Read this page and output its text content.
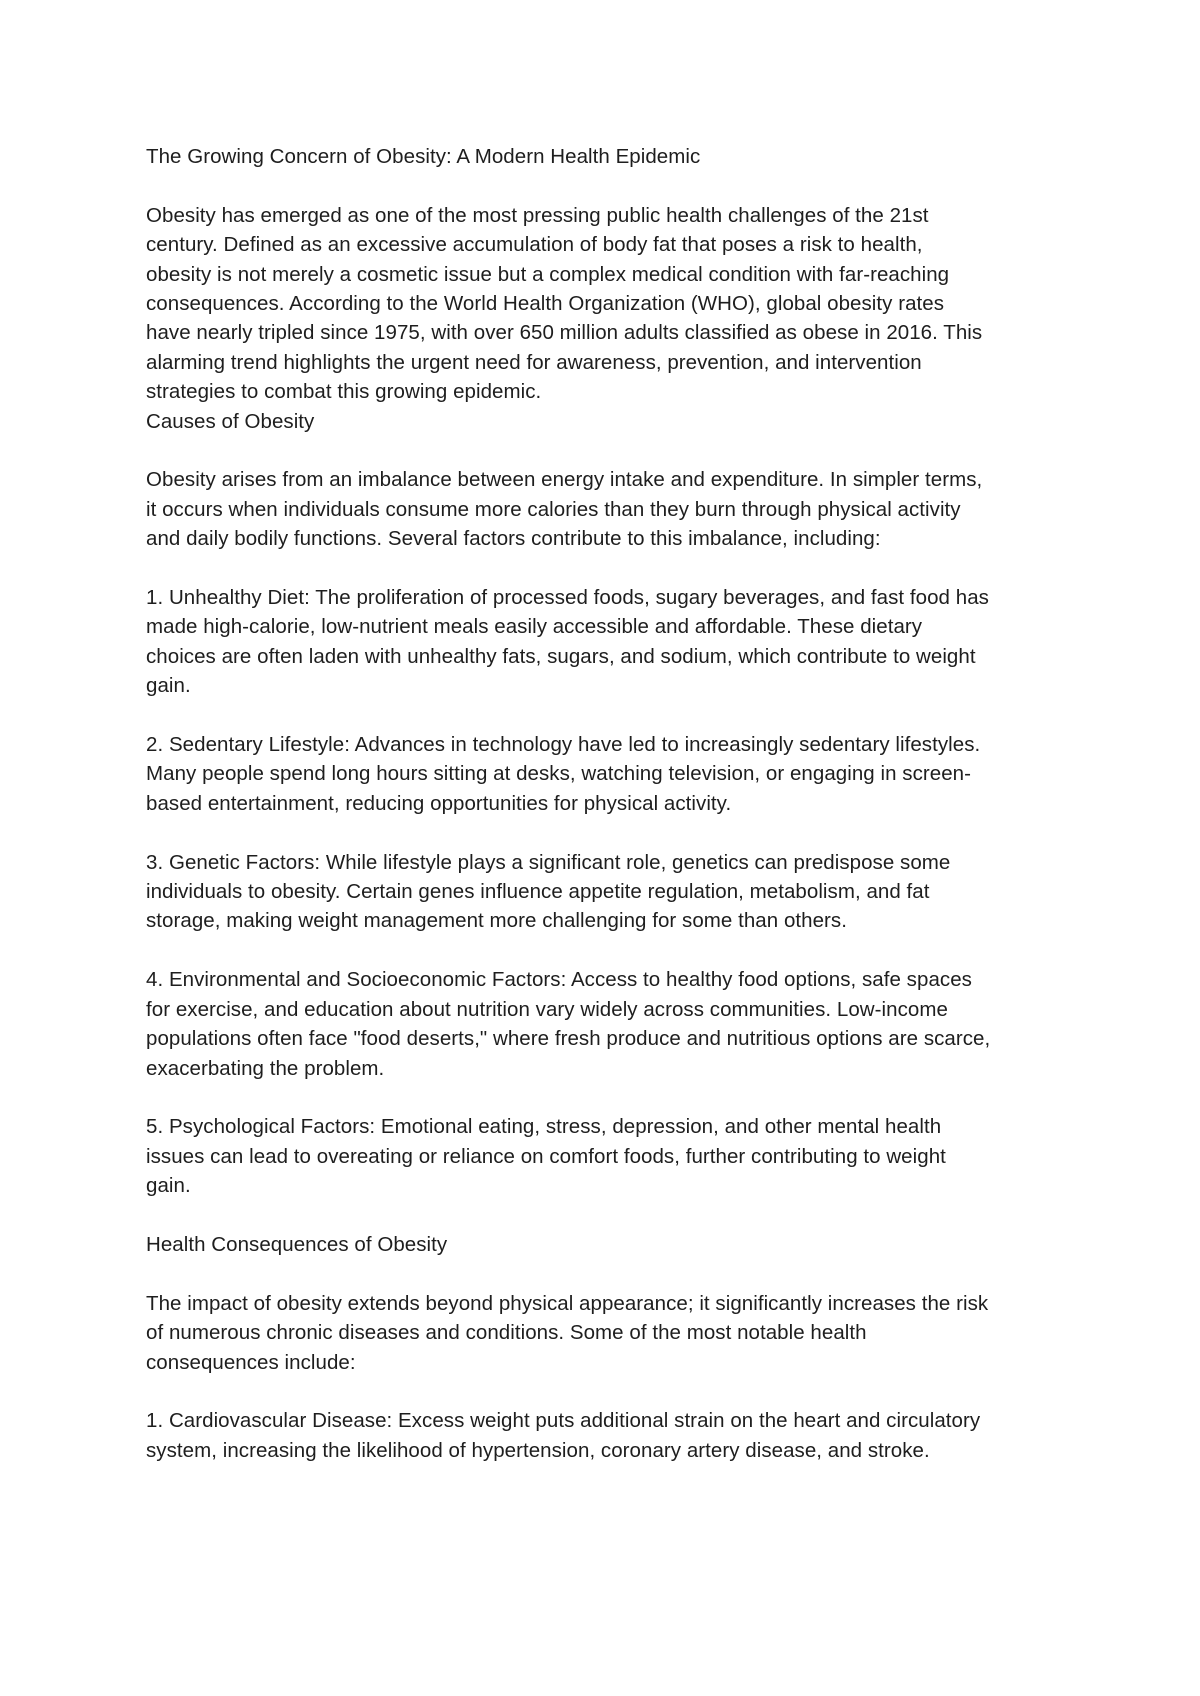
The Growing Concern of Obesity: A Modern Health Epidemic

Obesity has emerged as one of the most pressing public health challenges of the 21st

century. Defined as an excessive accumulation of body fat that poses a risk to health,

obesity is not merely a cosmetic issue but a complex medical condition with far-reaching

consequences. According to the World Health Organization (WHO), global obesity rates

have nearly tripled since 1975, with over 650 million adults classified as obese in 2016. This

alarming trend highlights the urgent need for awareness, prevention, and intervention

strategies to combat this growing epidemic.

Causes of Obesity

Obesity arises from an imbalance between energy intake and expenditure. In simpler terms,

it occurs when individuals consume more calories than they burn through physical activity

and daily bodily functions. Several factors contribute to this imbalance, including:

1. Unhealthy Diet: The proliferation of processed foods, sugary beverages, and fast food has

made high-calorie, low-nutrient meals easily accessible and affordable. These dietary

choices are often laden with unhealthy fats, sugars, and sodium, which contribute to weight

gain.

2. Sedentary Lifestyle: Advances in technology have led to increasingly sedentary lifestyles.

Many people spend long hours sitting at desks, watching television, or engaging in screen-

based entertainment, reducing opportunities for physical activity.

3. Genetic Factors: While lifestyle plays a significant role, genetics can predispose some

individuals to obesity. Certain genes influence appetite regulation, metabolism, and fat

storage, making weight management more challenging for some than others.

4. Environmental and Socioeconomic Factors: Access to healthy food options, safe spaces

for exercise, and education about nutrition vary widely across communities. Low-income

populations often face "food deserts," where fresh produce and nutritious options are scarce,

exacerbating the problem.

5. Psychological Factors: Emotional eating, stress, depression, and other mental health

issues can lead to overeating or reliance on comfort foods, further contributing to weight

gain.

Health Consequences of Obesity

The impact of obesity extends beyond physical appearance; it significantly increases the risk

of numerous chronic diseases and conditions. Some of the most notable health

consequences include:

1. Cardiovascular Disease: Excess weight puts additional strain on the heart and circulatory

system, increasing the likelihood of hypertension, coronary artery disease, and stroke.
